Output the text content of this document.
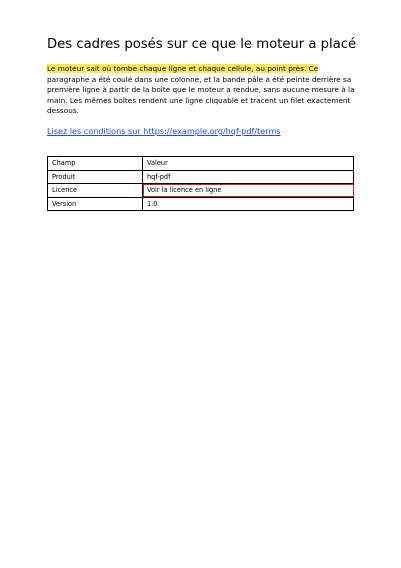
Des cadres posés sur ce que le moteur a placé

Le moteur sait où tombe chaque ligne et chaque cellule, au point près. Ce paragraphe a été coulé dans une colonne, et la bande pâle a été peinte derrière sa première ligne à partir de la boîte que le moteur a rendue, sans aucune mesure à la main. Les mêmes boîtes rendent une ligne cliquable et tracent un filet exactement dessous.

Lisez les conditions sur https://example.org/hqf-pdf/terms
Champ	Valeur
Produit	hqf-pdf
Licence	Voir la licence en ligne
Version	1.0
